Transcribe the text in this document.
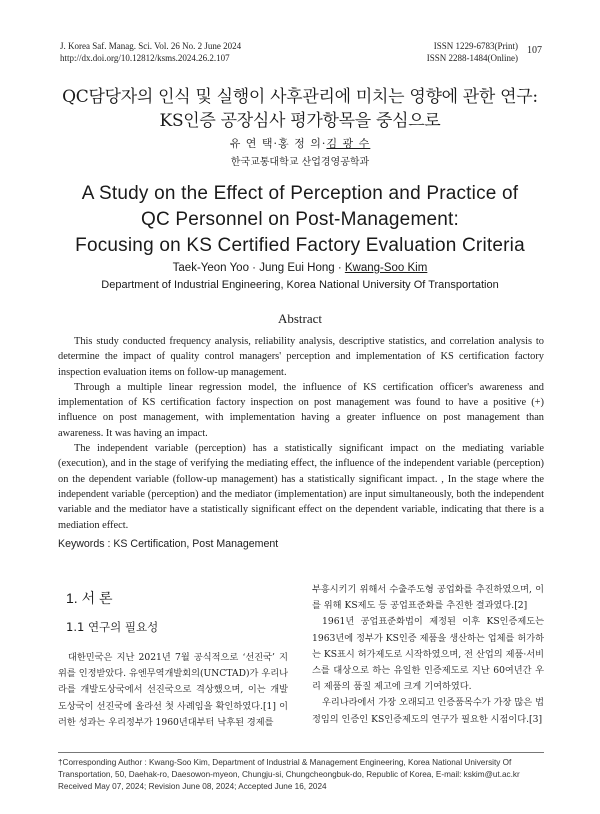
J. Korea Saf. Manag. Sci. Vol. 26 No. 2 June 2024
http://dx.doi.org/10.12812/ksms.2024.26.2.107
ISSN 1229-6783(Print)
ISSN 2288-1484(Online)
107
QC담당자의 인식 및 실행이 사후관리에 미치는 영향에 관한 연구:
KS인증 공장심사 평가항목을 중심으로
유 연 택·홍 정 의·김 광 수
한국교통대학교 산업경영공학과
A Study on the Effect of Perception and Practice of
QC Personnel on Post-Management:
Focusing on KS Certified Factory Evaluation Criteria
Taek-Yeon Yoo · Jung Eui Hong · Kwang-Soo Kim
Department of Industrial Engineering, Korea National University Of Transportation
Abstract

This study conducted frequency analysis, reliability analysis, descriptive statistics, and correlation analysis to determine the impact of quality control managers' perception and implementation of KS certification factory inspection evaluation items on follow-up management.

Through a multiple linear regression model, the influence of KS certification officer's awareness and implementation of KS certification factory inspection on post management was found to have a positive (+) influence on post management, with implementation having a greater influence on post management than awareness. It was having an impact.

The independent variable (perception) has a statistically significant impact on the mediating variable (execution), and in the stage of verifying the mediating effect, the influence of the independent variable (perception) on the dependent variable (follow-up management) has a statistically significant impact. , In the stage where the independent variable (perception) and the mediator (implementation) are input simultaneously, both the independent variable and the mediator have a statistically significant effect on the dependent variable, indicating that there is a mediation effect.

Keywords : KS Certification, Post Management
1. 서 론
1.1 연구의 필요성

대한민국은 지난 2021년 7월 공식적으로 ‘선진국’ 지위를 인정받았다. 유엔무역개발회의(UNCTAD)가 우리나라를 개발도상국에서 선진국으로 격상했으며, 이는 개발도상국이 선진국에 올라선 첫 사례임을 확인하였다.[1] 이러한 성과는 우리정부가 1960년대부터 낙후된 경제를

부흥시키기 위해서 수출주도형 공업화를 추진하였으며, 이를 위해 KS제도 등 공업표준화를 추진한 결과였다.[2]

1961년 공업표준화법이 제정된 이후 KS인증제도는 1963년에 정부가 KS인증 제품을 생산하는 업체를 허가하는 KS표시 허가제도로 시작하였으며, 전 산업의 제품·서비스를 대상으로 하는 유일한 인증제도로 지난 60여년간 우리 제품의 품질 제고에 크게 기여하였다.

우리나라에서 가장 오래되고 인증품목수가 가장 많은 법정임의 인증인 KS인증제도의 연구가 필요한 시점이다.[3]

†Corresponding Author : Kwang-Soo Kim, Department of Industrial & Management Engineering, Korea National University Of Transportation, 50, Daehak-ro, Daesowon-myeon, Chungju-si, Chungcheongbuk-do, Republic of Korea, E-mail: kskim@ut.ac.kr
Received May 07, 2024; Revision June 08, 2024; Accepted June 16, 2024
